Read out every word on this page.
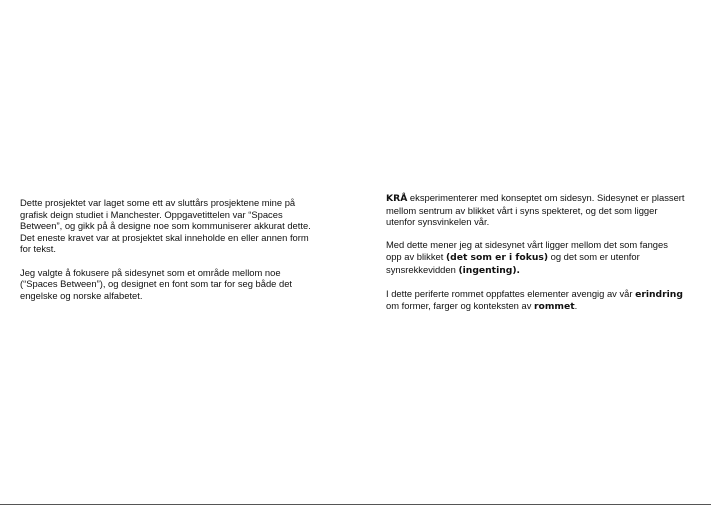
Dette prosjektet var laget some ett av sluttårs prosjektene mine på grafisk deign studiet i Manchester. Oppgavetittelen var “Spaces Between”, og gikk på å designe noe som kommuniserer akkurat dette. Det eneste kravet var at prosjektet skal inneholde en eller annen form for tekst.

Jeg valgte å fokusere på sidesynet som et område mellom noe (“Spaces Between”), og designet en font som tar for seg både det engelske og norske alfabetet.

KRÅ eksperimenterer med konseptet om sidesyn. Sidesynet er plassert mellom sentrum av blikket vårt i syns spekteret, og det som ligger utenfor synsvinkelen vår.

Med dette mener jeg at sidesynet vårt ligger mellom det som fanges opp av blikket (det som er i fokus) og det som er utenfor synsrekkevidden (ingenting).

I dette periferte rommet oppfattes elementer avengig av vår erindring om former, farger og konteksten av rommet.
